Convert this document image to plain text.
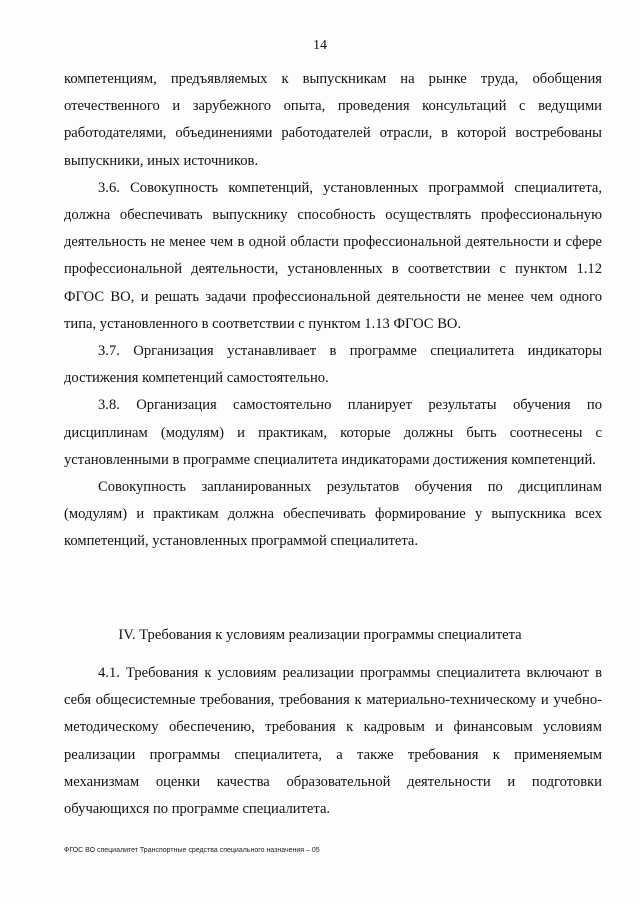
14

компетенциям, предъявляемых к выпускникам на рынке труда, обобщения отечественного и зарубежного опыта, проведения консультаций с ведущими работодателями, объединениями работодателей отрасли, в которой востребованы выпускники, иных источников.

3.6. Совокупность компетенций, установленных программой специалитета, должна обеспечивать выпускнику способность осуществлять профессиональную деятельность не менее чем в одной области профессиональной деятельности и сфере профессиональной деятельности, установленных в соответствии с пунктом 1.12 ФГОС ВО, и решать задачи профессиональной деятельности не менее чем одного типа, установленного в соответствии с пунктом 1.13 ФГОС ВО.

3.7. Организация устанавливает в программе специалитета индикаторы достижения компетенций самостоятельно.

3.8. Организация самостоятельно планирует результаты обучения по дисциплинам (модулям) и практикам, которые должны быть соотнесены с установленными в программе специалитета индикаторами достижения компетенций.

Совокупность запланированных результатов обучения по дисциплинам (модулям) и практикам должна обеспечивать формирование у выпускника всех компетенций, установленных программой специалитета.

IV. Требования к условиям реализации программы специалитета

4.1. Требования к условиям реализации программы специалитета включают в себя общесистемные требования, требования к материально-техническому и учебно-методическому обеспечению, требования к кадровым и финансовым условиям реализации программы специалитета, а также требования к применяемым механизмам оценки качества образовательной деятельности и подготовки обучающихся по программе специалитета.

ФГОС ВО специалитет Транспортные средства специального назначения – 05
